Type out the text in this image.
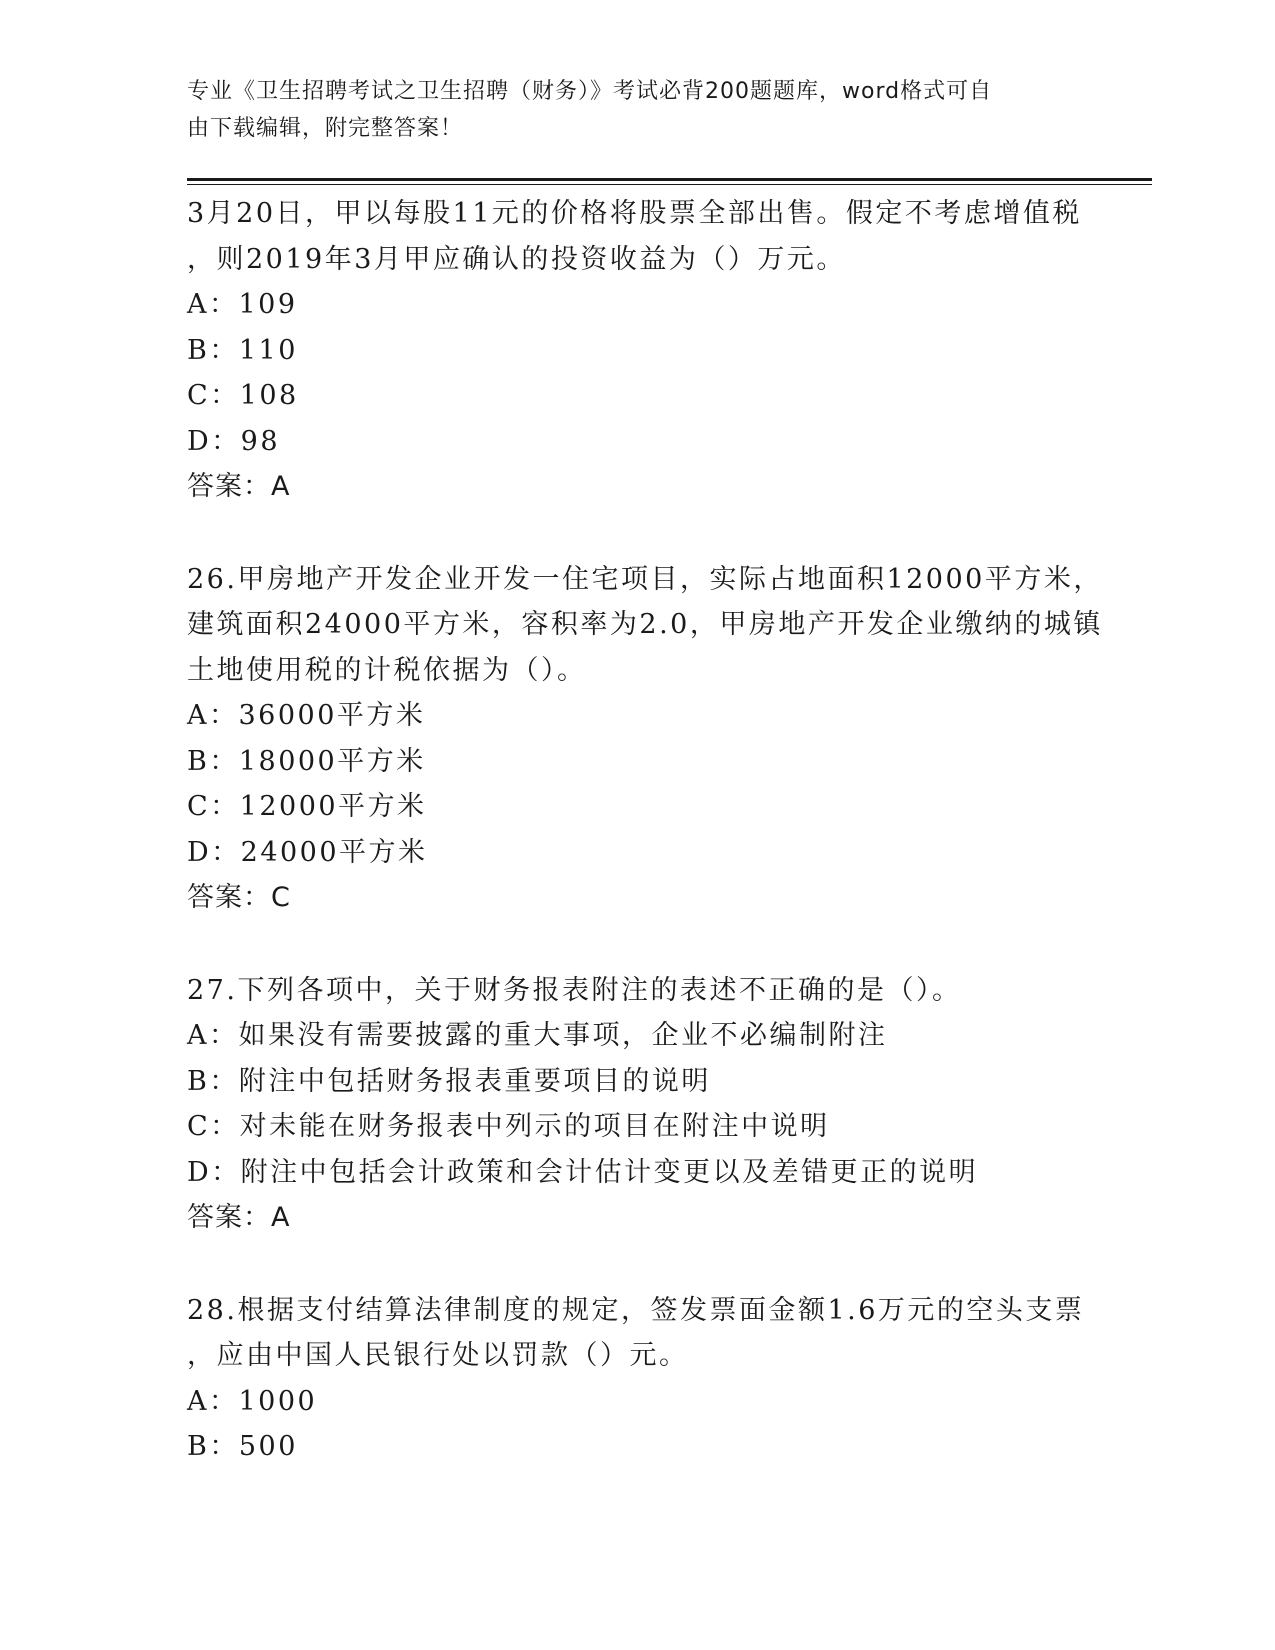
专业《卫生招聘考试之卫生招聘（财务）》考试必背200题题库，word格式可自
由下载编辑，附完整答案！
3月20日，甲以每股11元的价格将股票全部出售。假定不考虑增值税
，则2019年3月甲应确认的投资收益为（）万元。
A：109
B：110
C：108
D：98
答案：A
26.甲房地产开发企业开发一住宅项目，实际占地面积12000平方米，
建筑面积24000平方米，容积率为2.0，甲房地产开发企业缴纳的城镇
土地使用税的计税依据为（）。
A：36000平方米
B：18000平方米
C：12000平方米
D：24000平方米
答案：C
27.下列各项中，关于财务报表附注的表述不正确的是（）。
A：如果没有需要披露的重大事项，企业不必编制附注
B：附注中包括财务报表重要项目的说明
C：对未能在财务报表中列示的项目在附注中说明
D：附注中包括会计政策和会计估计变更以及差错更正的说明
答案：A
28.根据支付结算法律制度的规定，签发票面金额1.6万元的空头支票
，应由中国人民银行处以罚款（）元。
A：1000
B：500
